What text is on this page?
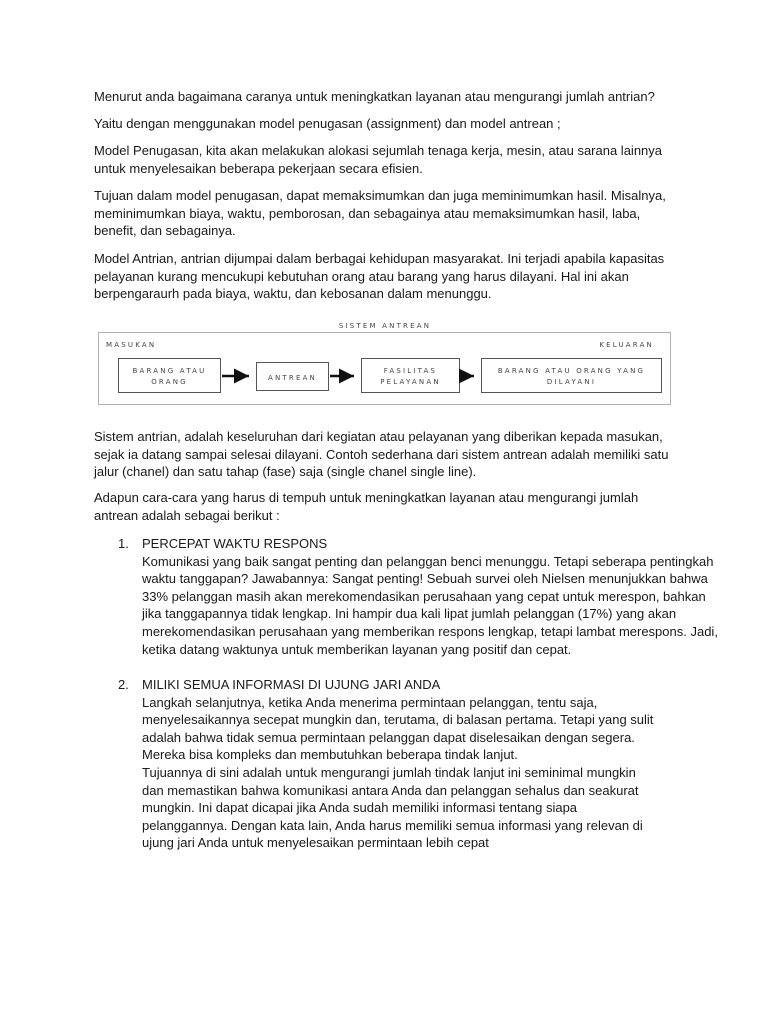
Menurut anda bagaimana caranya untuk meningkatkan layanan atau mengurangi jumlah antrian?
Yaitu dengan menggunakan model penugasan (assignment) dan model antrean ;
Model Penugasan, kita akan melakukan alokasi sejumlah tenaga kerja, mesin, atau sarana lainnya
untuk menyelesaikan beberapa pekerjaan secara efisien.
Tujuan dalam model penugasan, dapat memaksimumkan dan juga meminimumkan hasil. Misalnya,
meminimumkan biaya, waktu, pemborosan, dan sebagainya atau memaksimumkan hasil, laba,
benefit, dan sebagainya.
Model Antrian, antrian dijumpai dalam berbagai kehidupan masyarakat. Ini terjadi apabila kapasitas
pelayanan kurang mencukupi kebutuhan orang atau barang yang harus dilayani. Hal ini akan
berpengaraurh pada biaya, waktu, dan kebosanan dalam menunggu.
SISTEM ANTREAN
MASUKAN	KELUARAN
BARANG ATAU
ORANG	ANTREAN
FASILITAS
PELAYANAN
BARANG ATAU ORANG YANG
DILAYANI
Sistem antrian, adalah keseluruhan dari kegiatan atau pelayanan yang diberikan kepada masukan,
sejak ia datang sampai selesai dilayani. Contoh sederhana dari sistem antrean adalah memiliki satu
jalur (chanel) dan satu tahap (fase) saja (single chanel single line).
Adapun cara-cara yang harus di tempuh untuk meningkatkan layanan atau mengurangi jumlah
antrean adalah sebagai berikut :
1. PERCEPAT WAKTU RESPONS
Komunikasi yang baik sangat penting dan pelanggan benci menunggu. Tetapi seberapa pentingkah
waktu tanggapan? Jawabannya: Sangat penting! Sebuah survei oleh Nielsen menunjukkan bahwa
33% pelanggan masih akan merekomendasikan perusahaan yang cepat untuk merespon, bahkan
jika tanggapannya tidak lengkap. Ini hampir dua kali lipat jumlah pelanggan (17%) yang akan
merekomendasikan perusahaan yang memberikan respons lengkap, tetapi lambat merespons. Jadi,
ketika datang waktunya untuk memberikan layanan yang positif dan cepat.
2. MILIKI SEMUA INFORMASI DI UJUNG JARI ANDA
Langkah selanjutnya, ketika Anda menerima permintaan pelanggan, tentu saja,
menyelesaikannya secepat mungkin dan, terutama, di balasan pertama. Tetapi yang sulit
adalah bahwa tidak semua permintaan pelanggan dapat diselesaikan dengan segera.
Mereka bisa kompleks dan membutuhkan beberapa tindak lanjut.
Tujuannya di sini adalah untuk mengurangi jumlah tindak lanjut ini seminimal mungkin
dan memastikan bahwa komunikasi antara Anda dan pelanggan sehalus dan seakurat
mungkin. Ini dapat dicapai jika Anda sudah memiliki informasi tentang siapa
pelanggannya. Dengan kata lain, Anda harus memiliki semua informasi yang relevan di
ujung jari Anda untuk menyelesaikan permintaan lebih cepat
